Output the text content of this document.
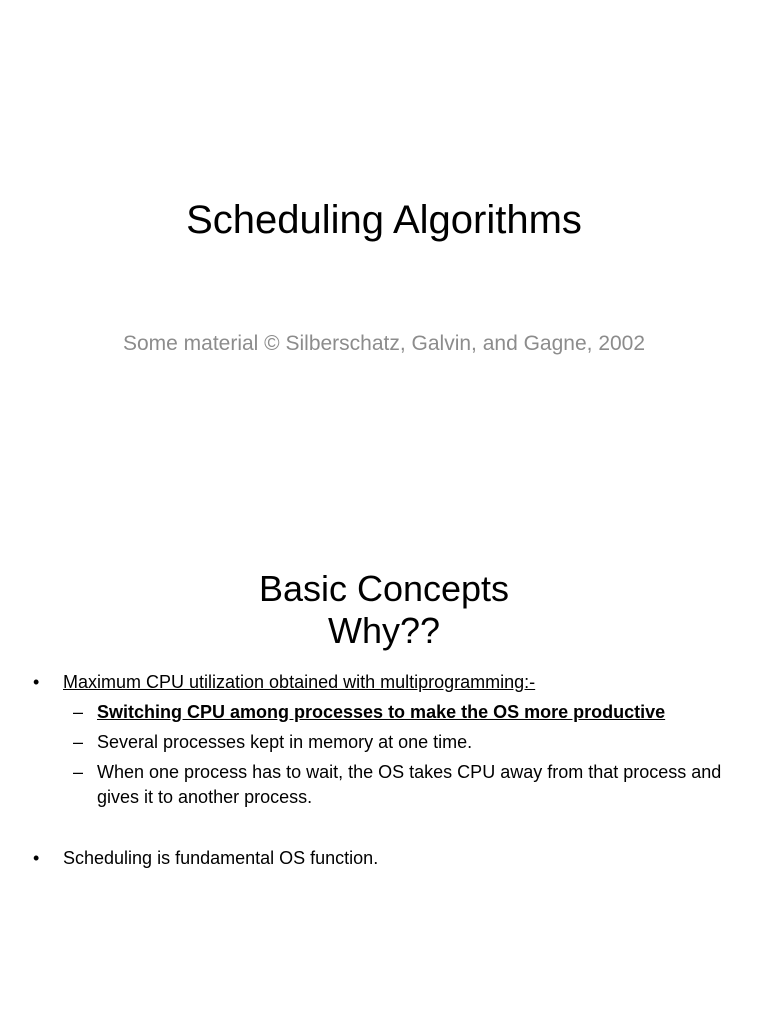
Scheduling Algorithms
Some material © Silberschatz, Galvin, and Gagne, 2002
Basic Concepts
Why??
• Maximum CPU utilization obtained with multiprogramming:-
– Switching CPU among processes to make the OS more productive
– Several processes kept in memory at one time.
– When one process has to wait, the OS takes CPU away from that process and gives it to another process.
• Scheduling is fundamental OS function.
